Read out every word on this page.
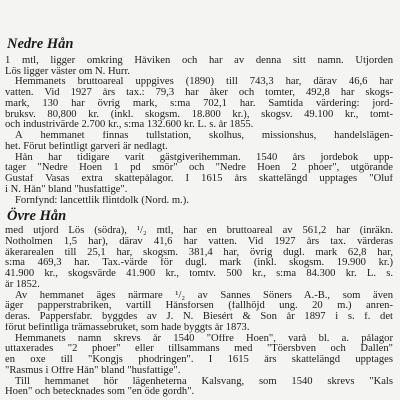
Nedre Hån

1 mtl, ligger omkring Håviken och har av denna sitt namn. Utjorden

Lös ligger väster om N. Hurr.

Hemmanets bruttoareal uppgives (1890) till 743,3 har, därav 46,6 har

vatten. Vid 1927 års tax.: 79,3 har åker och tomter, 492,8 har skogs-

mark, 130 har övrig mark, s:ma 702,1 har. Samtida värdering: jord-

bruksv. 80,800 kr. (inkl. skogsm. 18.800 kr.), skogsv. 49.100 kr., tomt-

och industrivärde 2.700 kr., s:ma 132.600 kr. L. s. år 1855.

Å hemmanet finnas tullstation, skolhus, missionshus, handelslägen-

het. Förut befintligt garveri är nedlagt.

Hån har tidigare varit gästgiverihemman. 1540 års jordebok upp-

tager "Nedre Hoen 1 pd smör" och "Nedre Hoen 2 phoer", utgörande

Gustaf Vasas extra skattepålagor. I 1615 års skattelängd upptages "Oluf

i N. Hån" bland "husfattige".

Fornfynd: lancettlik flintdolk (Nord. m.).

Övre Hån

med utjord Lös (södra), ¹/₂ mtl, har en bruttoareal av 561,2 har (inräkn.

Notholmen 1,5 har), därav 41,6 har vatten. Vid 1927 års tax. värderas

åkerarealen till 25,1 har, skogsm. 381,4 har, övrig dugl. mark 62,8 har,

s:ma 469,3 har. Tax.-värde för dugl. mark (inkl. skogsm. 19.900 kr.)

41.900 kr., skogsvärde 41.900 kr., tomtv. 500 kr., s:ma 84.300 kr. L. s.

år 1852.

Av hemmanet äges närmare ¹/₂ av Sannes Söners A.-B., som även

äger papperstrabriken, vartill Hånsforsen (fallhöjd ung. 20 m.) anren-

deras. Pappersfabr. byggdes av J. N. Biesért & Son år 1897 i s. f. det

förut befintliga trämassebruket, som hade byggts år 1873.

Hemmanets namn skrevs år 1540 "Öffre Hoen", varå bl. a. pålagor

uttaxerades "2 phoer" eller tillsammans med "Töersbven och Dallen"

en oxe till "Kongjs phodringen". I 1615 års skattelängd upptages

"Rasmus i Öffre Hån" bland "husfattige".

Till hemmanet hör lägenheterna Kalsvang, som 1540 skrevs "Kals

Hoen" och betecknades som "en öde gordh".
